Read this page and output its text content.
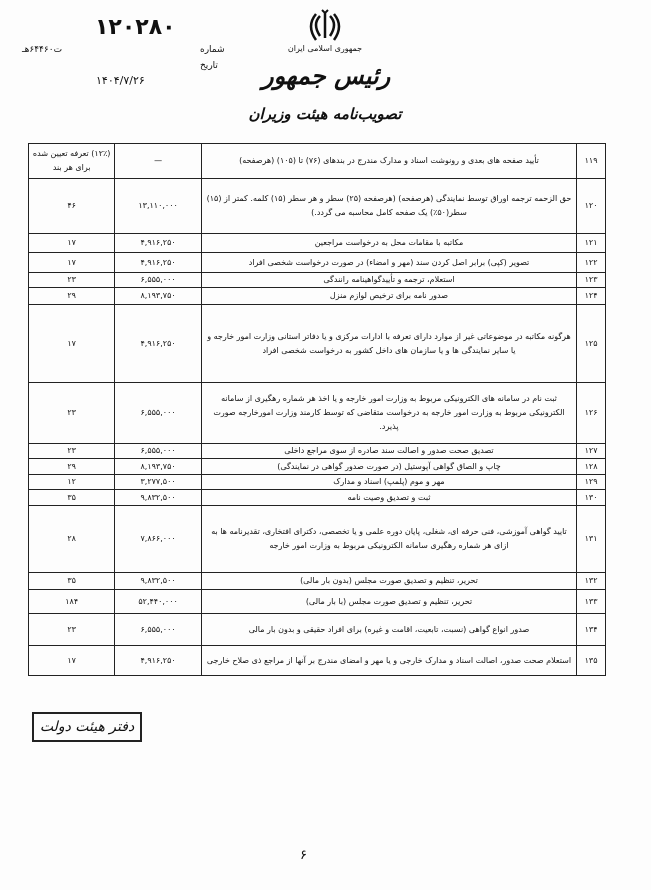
جمهوری اسلامی ایران
رئیس جمهور
تصویب‌نامه هیئت وزیران
۱۲۰۲۸۰
شماره
ت۶۴۴۶۰هـ
تاریخ
۱۴۰۴/۷/۲۶
۱۱۹	تأیید صفحه های بعدی و رونوشت اسناد و مدارک مندرج در بندهای (۷۶) تا (۱۰۵) (هرصفحه)	—	(۱۲٪) تعرفه تعیین شده برای هر بند
۱۲۰	حق الزحمه ترجمه اوراق توسط نمایندگی (هرصفحه) (هرصفحه (۲۵) سطر و هر سطر (۱۵) کلمه. کمتر از (۱۵) سطر(۵۰٪) یک صفحه کامل محاسبه می گردد.)	۱۳,۱۱۰,۰۰۰	۴۶
۱۲۱	مکاتبه با مقامات محل به درخواست مراجعین	۴,۹۱۶,۲۵۰	۱۷
۱۲۲	تصویر (کپی) برابر اصل کردن سند (مهر و امضاء) در صورت درخواست شخصی افراد	۴,۹۱۶,۲۵۰	۱۷
۱۲۳	استعلام، ترجمه و تأییدگواهینامه رانندگی	۶,۵۵۵,۰۰۰	۲۳
۱۲۴	صدور نامه برای ترخیص لوازم منزل	۸,۱۹۳,۷۵۰	۲۹
۱۲۵	هرگونه مکاتبه در موضوعاتی غیر از موارد دارای تعرفه با ادارات مرکزی و یا دفاتر استانی وزارت امور خارجه و یا سایر نمایندگی ها و یا سازمان های داخل کشور به درخواست شخصی افراد	۴,۹۱۶,۲۵۰	۱۷
۱۲۶	ثبت نام در سامانه های الکترونیکی مربوط به وزارت امور خارجه و یا اخذ هر شماره رهگیری از سامانه الکترونیکی مربوط به وزارت امور خارجه به درخواست متقاضی که توسط کارمند وزارت امورخارجه صورت پذیرد.	۶,۵۵۵,۰۰۰	۲۳
۱۲۷	تصدیق صحت صدور و اصالت سند صادره از سوی مراجع داخلی	۶,۵۵۵,۰۰۰	۲۳
۱۲۸	چاپ و الصاق گواهی آپوستیل (در صورت صدور گواهی در نمایندگی)	۸,۱۹۳,۷۵۰	۲۹
۱۲۹	مهر و موم (پلمپ) اسناد و مدارک	۳,۲۷۷,۵۰۰	۱۲
۱۳۰	ثبت و تصدیق وصیت نامه	۹,۸۳۲,۵۰۰	۳۵
۱۳۱	تایید گواهی آموزشی، فنی حرفه ای، شغلی، پایان دوره علمی و یا تخصصی، دکترای افتخاری، تقدیرنامه ها به ازای هر شماره رهگیری سامانه الکترونیکی مربوط به وزارت امور خارجه	۷,۸۶۶,۰۰۰	۲۸
۱۳۲	تحریر، تنظیم و تصدیق صورت مجلس (بدون بار مالی)	۹,۸۳۲,۵۰۰	۳۵
۱۳۳	تحریر، تنظیم و تصدیق صورت مجلس (با بار مالی)	۵۲,۴۴۰,۰۰۰	۱۸۴
۱۳۴	صدور انواع گواهی (نسبت، تابعیت، اقامت و غیره) برای افراد حقیقی و بدون بار مالی	۶,۵۵۵,۰۰۰	۲۳
۱۳۵	استعلام صحت صدور، اصالت اسناد و مدارک خارجی و یا مهر و امضای مندرج بر آنها از مراجع ذی صلاح خارجی	۴,۹۱۶,۲۵۰	۱۷
دفتر هیئت دولت
۶
